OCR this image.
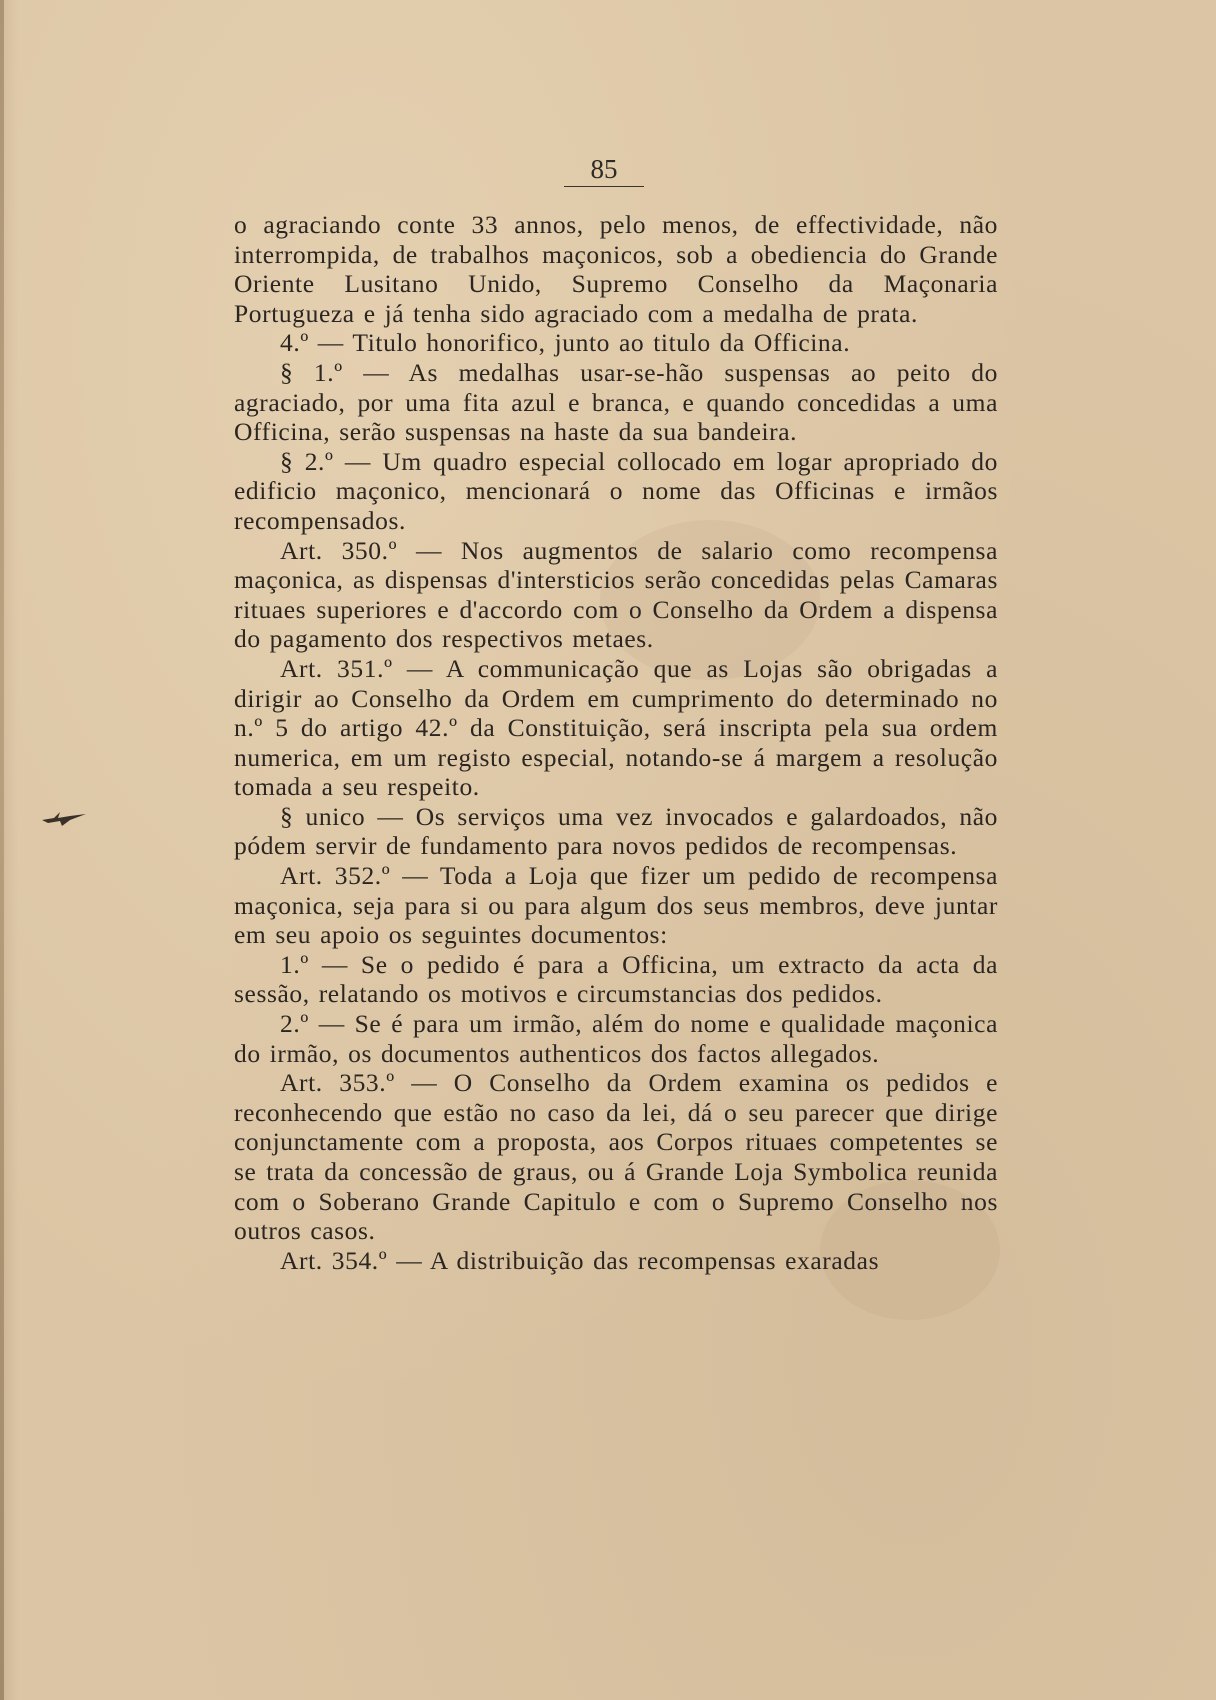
85

o agraciando conte 33 annos, pelo menos, de effectividade, não interrompida, de trabalhos maçonicos, sob a obediencia do Grande Oriente Lusitano Unido, Supremo Conselho da Maçonaria Portugueza e já tenha sido agraciado com a medalha de prata.

4.º — Titulo honorifico, junto ao titulo da Officina.

§ 1.º — As medalhas usar-se-hão suspensas ao peito do agraciado, por uma fita azul e branca, e quando concedidas a uma Officina, serão suspensas na haste da sua bandeira.

§ 2.º — Um quadro especial collocado em logar apropriado do edificio maçonico, mencionará o nome das Officinas e irmãos recompensados.

Art. 350.º — Nos augmentos de salario como recompensa maçonica, as dispensas d'intersticios serão concedidas pelas Camaras rituaes superiores e d'accordo com o Conselho da Ordem a dispensa do pagamento dos respectivos metaes.

Art. 351.º — A communicação que as Lojas são obrigadas a dirigir ao Conselho da Ordem em cumprimento do determinado no n.º 5 do artigo 42.º da Constituição, será inscripta pela sua ordem numerica, em um registo especial, notando-se á margem a resolução tomada a seu respeito.

§ unico — Os serviços uma vez invocados e galardoados, não pódem servir de fundamento para novos pedidos de recompensas.

Art. 352.º — Toda a Loja que fizer um pedido de recompensa maçonica, seja para si ou para algum dos seus membros, deve juntar em seu apoio os seguintes documentos:

1.º — Se o pedido é para a Officina, um extracto da acta da sessão, relatando os motivos e circumstancias dos pedidos.

2.º — Se é para um irmão, além do nome e qualidade maçonica do irmão, os documentos authenticos dos factos allegados.

Art. 353.º — O Conselho da Ordem examina os pedidos e reconhecendo que estão no caso da lei, dá o seu parecer que dirige conjunctamente com a proposta, aos Corpos rituaes competentes se se trata da concessão de graus, ou á Grande Loja Symbolica reunida com o Soberano Grande Capitulo e com o Supremo Conselho nos outros casos.

Art. 354.º — A distribuição das recompensas exaradas
